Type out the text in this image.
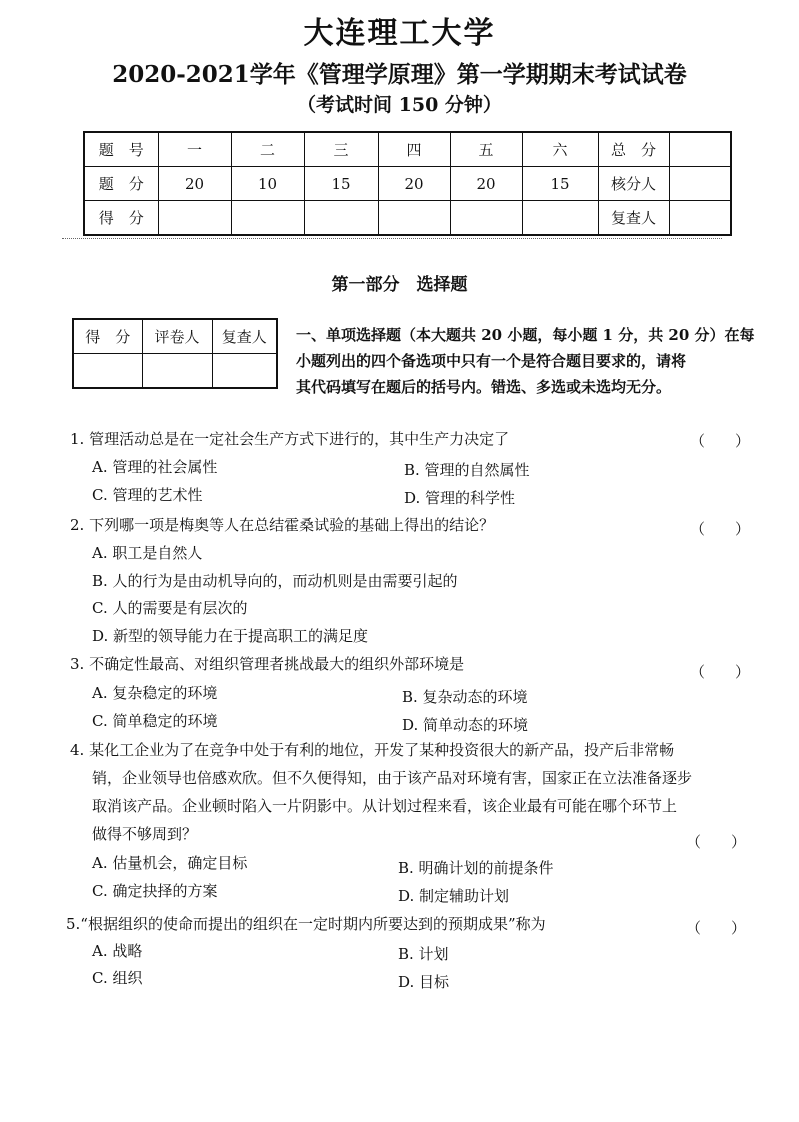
大连理工大学
2020-2021学年《管理学原理》第一学期期末考试试卷
（考试时间 150 分钟）
题　号	一	二	三	四	五	六	总　分	
题　分	20	10	15	20	20	15	核分人	
得　分							复查人	
第一部分　选择题
得　分	评卷人	复查人
		一、单项选择题（本大题共 20 小题，每小题 1 分，共 20 分）在每
小题列出的四个备选项中只有一个是符合题目要求的，请将
其代码填写在题后的括号内。错选、多选或未选均无分。
1. 管理活动总是在一定社会生产方式下进行的，其中生产力决定了	（　　）
A. 管理的社会属性	B. 管理的自然属性
C. 管理的艺术性	D. 管理的科学性
2. 下列哪一项是梅奥等人在总结霍桑试验的基础上得出的结论？	（　　）
A. 职工是自然人
B. 人的行为是由动机导向的，而动机则是由需要引起的
C. 人的需要是有层次的
D. 新型的领导能力在于提高职工的满足度
3. 不确定性最高、对组织管理者挑战最大的组织外部环境是	（　　）
A. 复杂稳定的环境	B. 复杂动态的环境
C. 简单稳定的环境	D. 简单动态的环境
4. 某化工企业为了在竞争中处于有利的地位，开发了某种投资很大的新产品，投产后非常畅
销，企业领导也倍感欢欣。但不久便得知，由于该产品对环境有害，国家正在立法准备逐步
取消该产品。企业顿时陷入一片阴影中。从计划过程来看，该企业最有可能在哪个环节上
做得不够周到？	（　　）
A. 估量机会，确定目标	B. 明确计划的前提条件
C. 确定抉择的方案	D. 制定辅助计划
5.“根据组织的使命而提出的组织在一定时期内所要达到的预期成果”称为	（　　）
A. 战略	B. 计划
C. 组织	D. 目标
